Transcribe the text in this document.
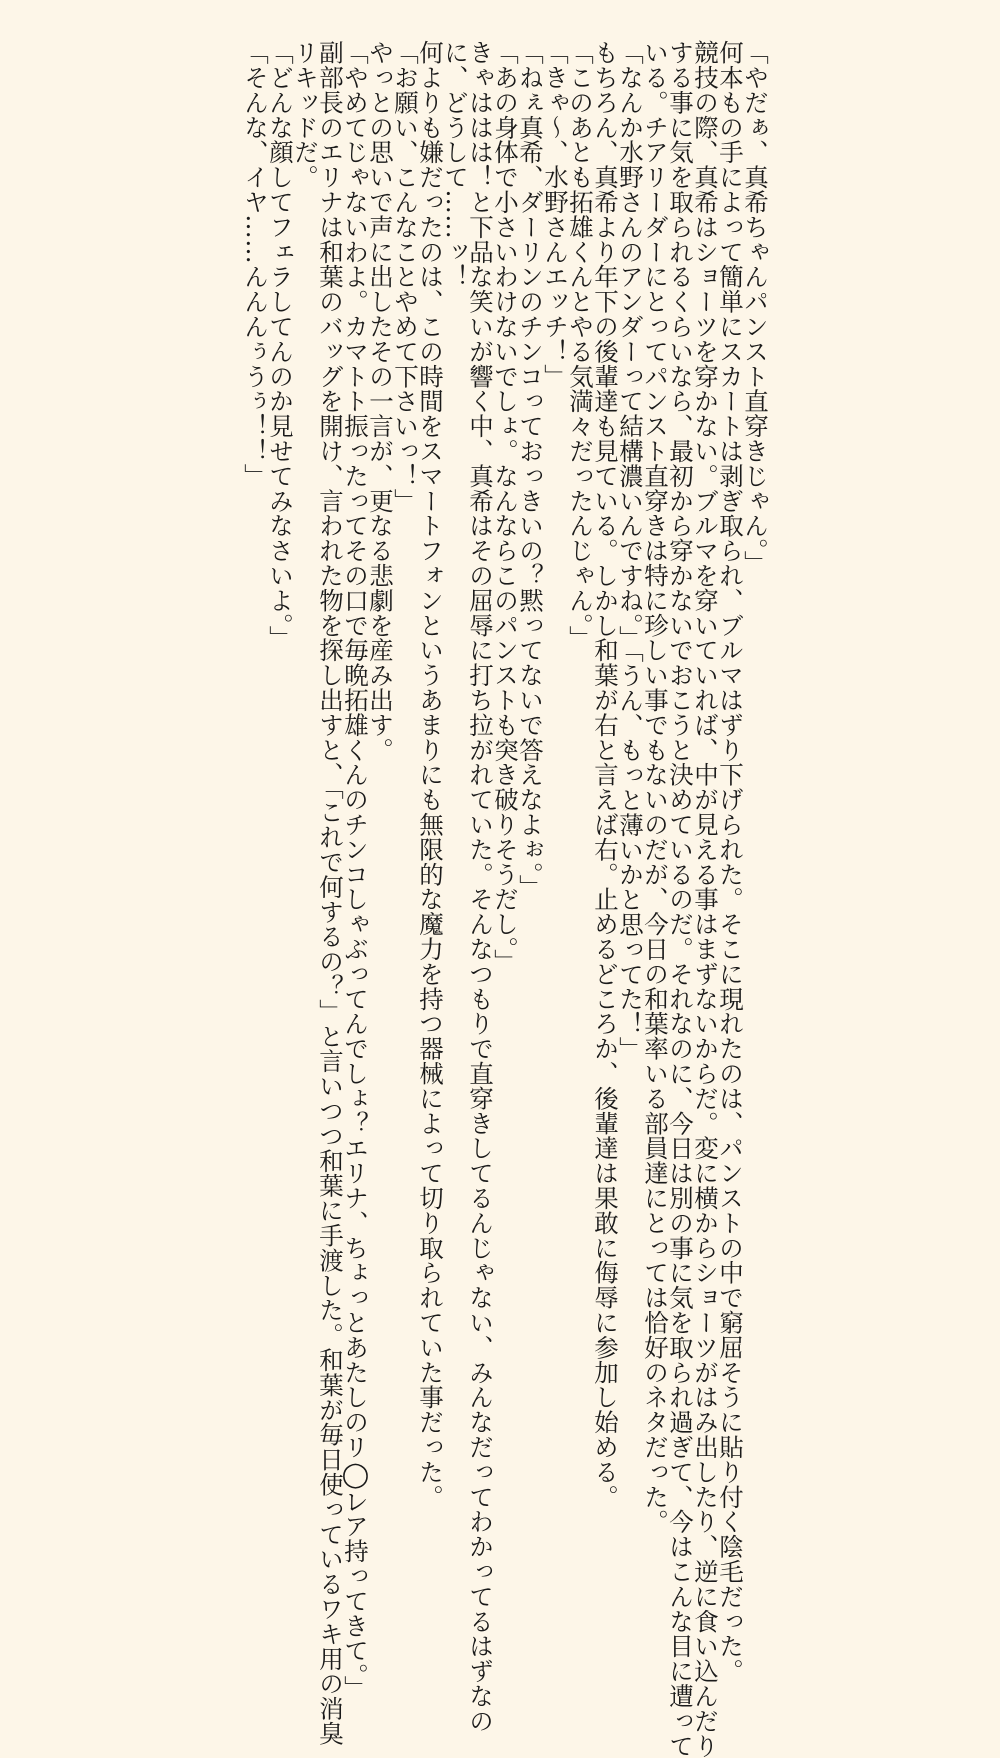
「やだぁ、真希ちゃんパンスト直穿きじゃん。」
何本もの手によって簡単にスカートは剥ぎ取られ、ブルマはずり下げられた。そこに現れたのは、パンストの中で窮屈そうに貼り付く陰毛だった。
競技の際、真希はショーツを穿かない。ブルマを穿いていれば、中が見える事はまずないからだ。変に横からショーツがはみ出したり、逆に食い込んだり
する事に気を取られるくらいなら、最初から穿かないでおこうと決めているのだ。それなのに、今日は別の事に気を取られ過ぎて、今はこんな目に遭って
いる。チアリーダーにとってパンスト直穿きは特に珍しい事でもないのだが、今日の和葉率いる部員達にとっては恰好のネタだった。
「なんか水野さんのアンダーって結構濃いんですね。」「うん、もっと薄いかと思ってた！」
もちろん、真希より年下の後輩達も見ている。しかし和葉が右と言えば右。止めるどころか、後輩達は果敢に侮辱に参加し始める。
「このあとも拓雄くんとやる気満々だったんじゃん。」
「きゃ～、水野さんエッチ！」
「ねぇ真希、ダーリンのチンコっておっきいの？黙ってないで答えなよぉ。」
「あの身体で小さいわけないでしょ。なんならこのパンストも突き破りそうだし。」
きゃははは！と下品な笑いが響く中、真希はその屈辱に打ち拉がれていた。そんなつもりで直穿きしてるんじゃない、みんなだってわかってるはずなの
に、どうして……ッ！
何よりも嫌だったのは、この時間をスマートフォンというあまりにも無限的な魔力を持つ器械によって切り取られていた事だった。
「お願い、こんなことやめて下さいっ！」
やっとの思いで声に出したその一言が、更なる悲劇を産み出す。
「やめてじゃないわよ。カマトト振ったってその口で毎晩拓雄くんのチンコしゃぶってんでしょ？エリナ、ちょっとあたしのリ◯レア持ってきて。」
副部長のエリナは和葉のバッグを開け、言われた物を探し出すと、「これで何するの？」と言いつつ和葉に手渡した。和葉が毎日使っているワキ用の消臭
リキッドだ。
「どんな顔してフェラしてんのか見せてみなさいよ。」
「そんな、イヤ……んんんぅうぅ！！」
